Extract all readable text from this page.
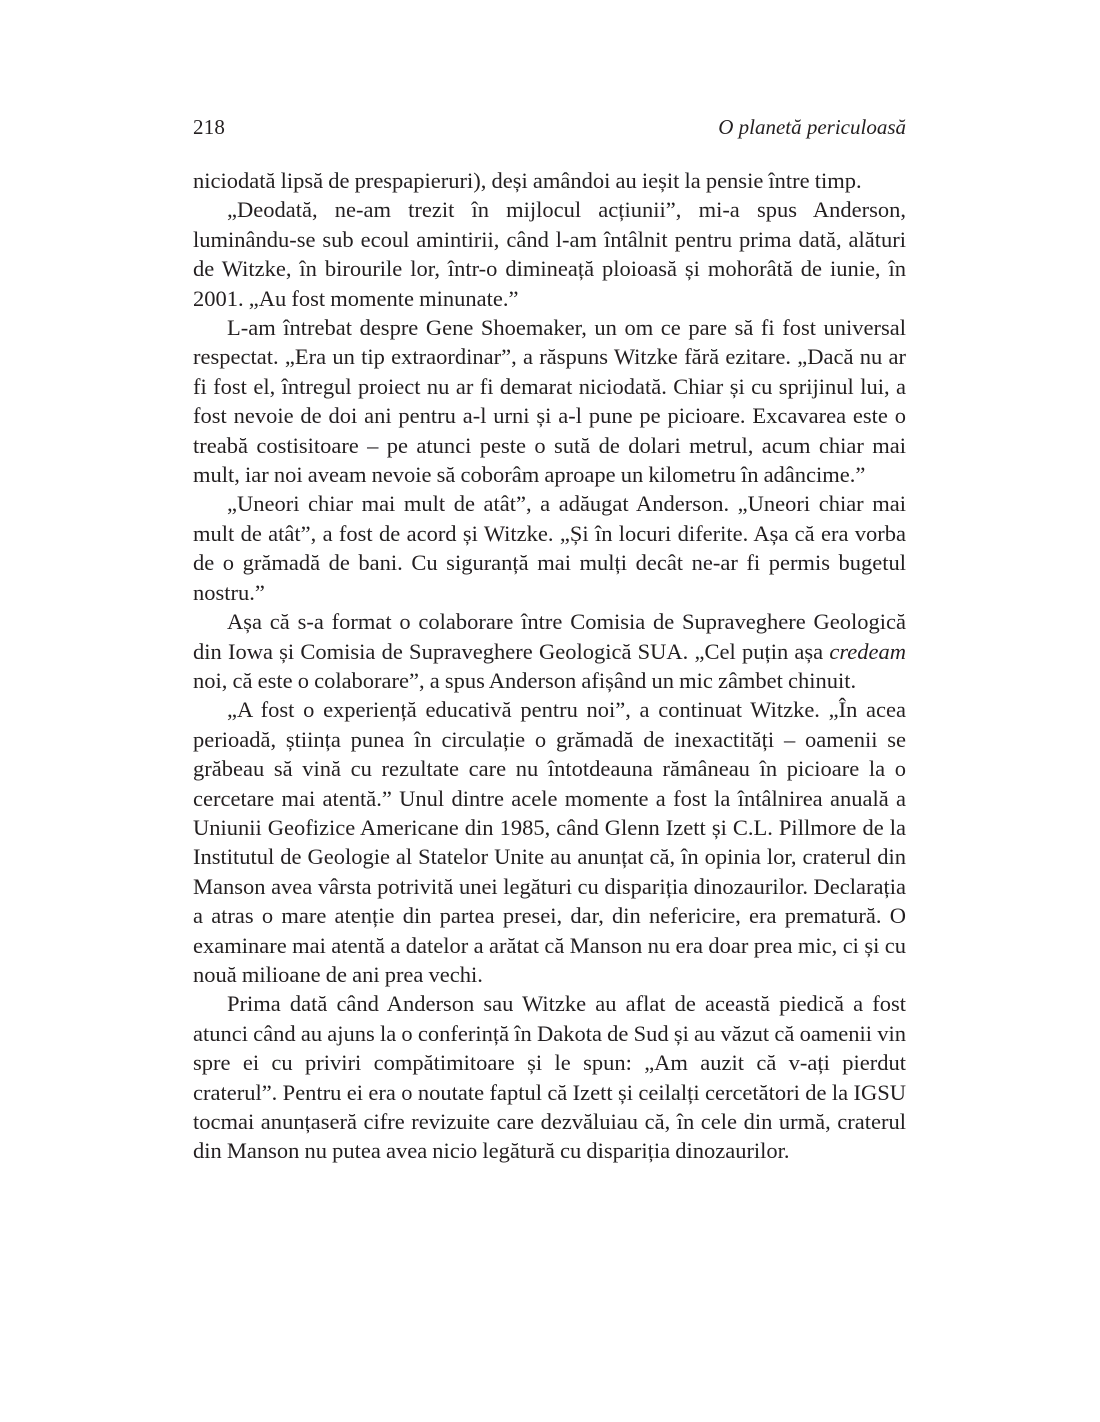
218	O planetă periculoasă

niciodată lipsă de prespapieruri), deși amândoi au ieșit la pensie între timp.

„Deodată, ne-am trezit în mijlocul acțiunii”, mi-a spus Anderson, luminându-se sub ecoul amintirii, când l-am întâlnit pentru prima dată, alături de Witzke, în birourile lor, într-o dimineață ploioasă și mohorâtă de iunie, în 2001. „Au fost momente minunate.”

L-am întrebat despre Gene Shoemaker, un om ce pare să fi fost universal respectat. „Era un tip extraordinar”, a răspuns Witzke fără ezitare. „Dacă nu ar fi fost el, întregul proiect nu ar fi demarat niciodată. Chiar și cu sprijinul lui, a fost nevoie de doi ani pentru a-l urni și a-l pune pe picioare. Excavarea este o treabă costisitoare – pe atunci peste o sută de dolari metrul, acum chiar mai mult, iar noi aveam nevoie să coborâm aproape un kilometru în adâncime.”

„Uneori chiar mai mult de atât”, a adăugat Anderson. „Uneori chiar mai mult de atât”, a fost de acord și Witzke. „Și în locuri diferite. Așa că era vorba de o grămadă de bani. Cu siguranță mai mulți decât ne-ar fi permis bugetul nostru.”

Așa că s-a format o colaborare între Comisia de Supraveghere Geologică din Iowa și Comisia de Supraveghere Geologică SUA. „Cel puțin așa credeam noi, că este o colaborare”, a spus Anderson afișând un mic zâmbet chinuit.

„A fost o experiență educativă pentru noi”, a continuat Witzke. „În acea perioadă, știința punea în circulație o grămadă de inexactități – oamenii se grăbeau să vină cu rezultate care nu întotdeauna rămâneau în picioare la o cercetare mai atentă.” Unul dintre acele momente a fost la întâlnirea anuală a Uniunii Geofizice Americane din 1985, când Glenn Izett și C.L. Pillmore de la Institutul de Geologie al Statelor Unite au anunțat că, în opinia lor, craterul din Manson avea vârsta potrivită unei legături cu dispariția dinozaurilor. Declarația a atras o mare atenție din partea presei, dar, din nefericire, era prematură. O examinare mai atentă a datelor a arătat că Manson nu era doar prea mic, ci și cu nouă milioane de ani prea vechi.

Prima dată când Anderson sau Witzke au aflat de această piedică a fost atunci când au ajuns la o conferință în Dakota de Sud și au văzut că oamenii vin spre ei cu priviri compătimitoare și le spun: „Am auzit că v-ați pierdut craterul”. Pentru ei era o noutate faptul că Izett și ceilalți cercetători de la IGSU tocmai anunțaseră cifre revizuite care dezvăluiau că, în cele din urmă, craterul din Manson nu putea avea nicio legătură cu dispariția dinozaurilor.
